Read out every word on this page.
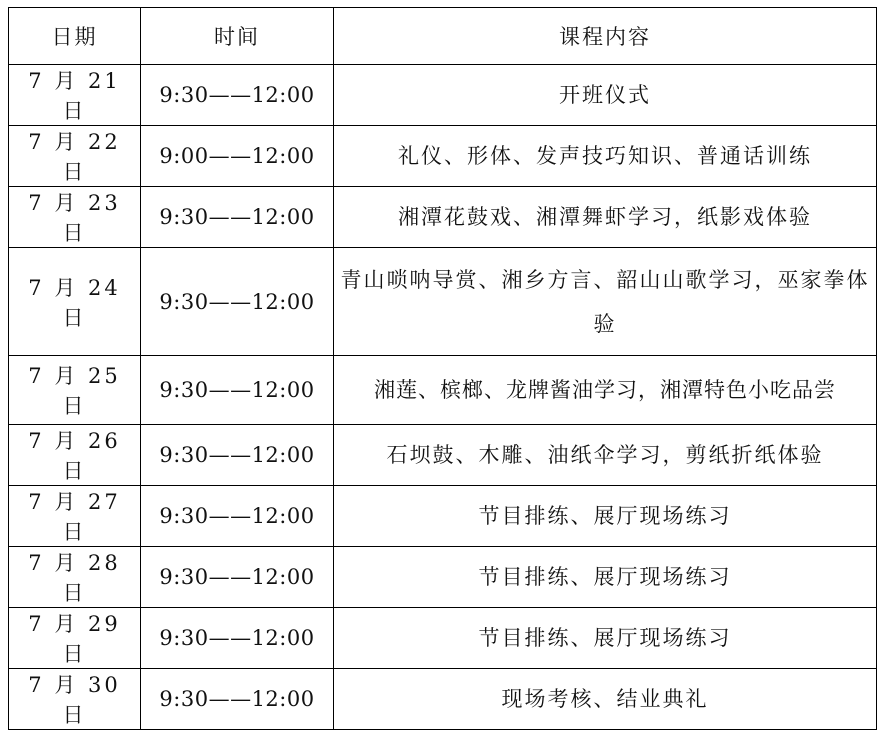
日期	时间	课程内容
7 月 21 日	9:30——12:00	开班仪式
7 月 22 日	9:00——12:00	礼仪、形体、发声技巧知识、普通话训练
7 月 23 日	9:30——12:00	湘潭花鼓戏、湘潭舞虾学习，纸影戏体验
7 月 24 日	9:30——12:00	青山唢呐导赏、湘乡方言、韶山山歌学习，巫家拳体验
7 月 25 日	9:30——12:00	湘莲、槟榔、龙牌酱油学习，湘潭特色小吃品尝
7 月 26 日	9:30——12:00	石坝鼓、木雕、油纸伞学习，剪纸折纸体验
7 月 27 日	9:30——12:00	节目排练、展厅现场练习
7 月 28 日	9:30——12:00	节目排练、展厅现场练习
7 月 29 日	9:30——12:00	节目排练、展厅现场练习
7 月 30 日	9:30——12:00	现场考核、结业典礼
